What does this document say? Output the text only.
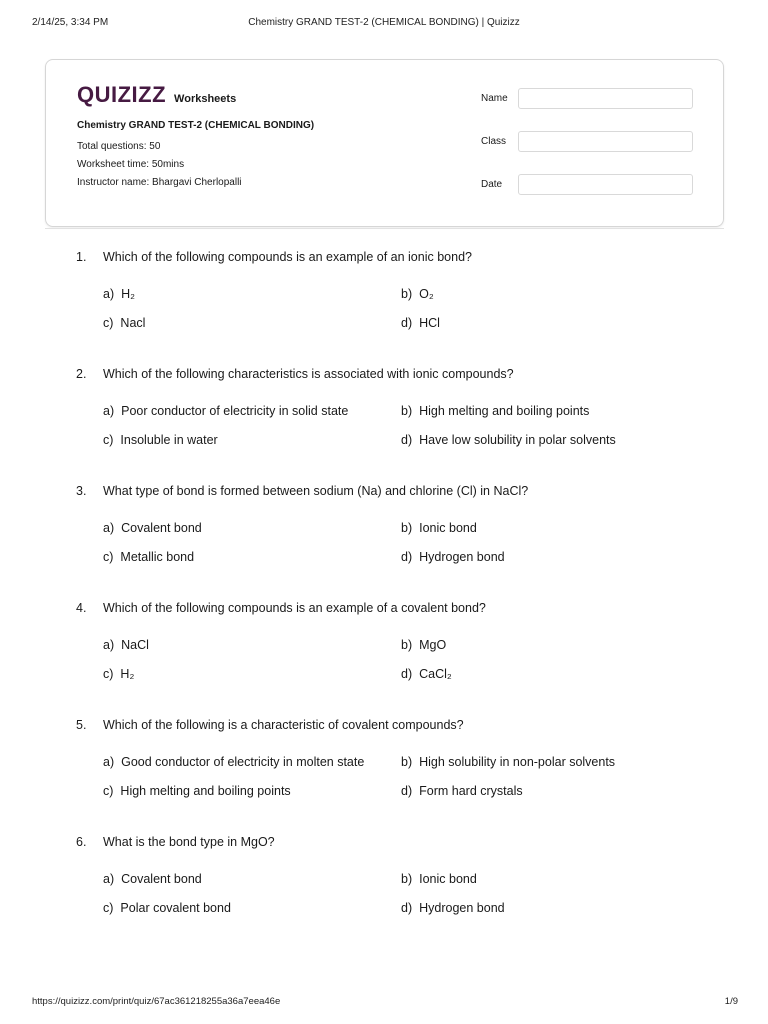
2/14/25, 3:34 PM	Chemistry GRAND TEST-2 (CHEMICAL BONDING) | Quizizz
QUIZIZZ Worksheets
Chemistry GRAND TEST-2 (CHEMICAL BONDING)
Total questions: 50
Worksheet time: 50mins
Instructor name: Bhargavi Cherlopalli
Name
Class
Date
1. Which of the following compounds is an example of an ionic bond?
a) H₂	b) O₂
c) Nacl	d) HCl
2. Which of the following characteristics is associated with ionic compounds?
a) Poor conductor of electricity in solid state	b) High melting and boiling points
c) Insoluble in water	d) Have low solubility in polar solvents
3. What type of bond is formed between sodium (Na) and chlorine (Cl) in NaCl?
a) Covalent bond	b) Ionic bond
c) Metallic bond	d) Hydrogen bond
4. Which of the following compounds is an example of a covalent bond?
a) NaCl	b) MgO
c) H₂	d) CaCl₂
5. Which of the following is a characteristic of covalent compounds?
a) Good conductor of electricity in molten state	b) High solubility in non-polar solvents
c) High melting and boiling points	d) Form hard crystals
6. What is the bond type in MgO?
a) Covalent bond	b) Ionic bond
c) Polar covalent bond	d) Hydrogen bond
https://quizizz.com/print/quiz/67ac361218255a36a7eea46e	1/9
